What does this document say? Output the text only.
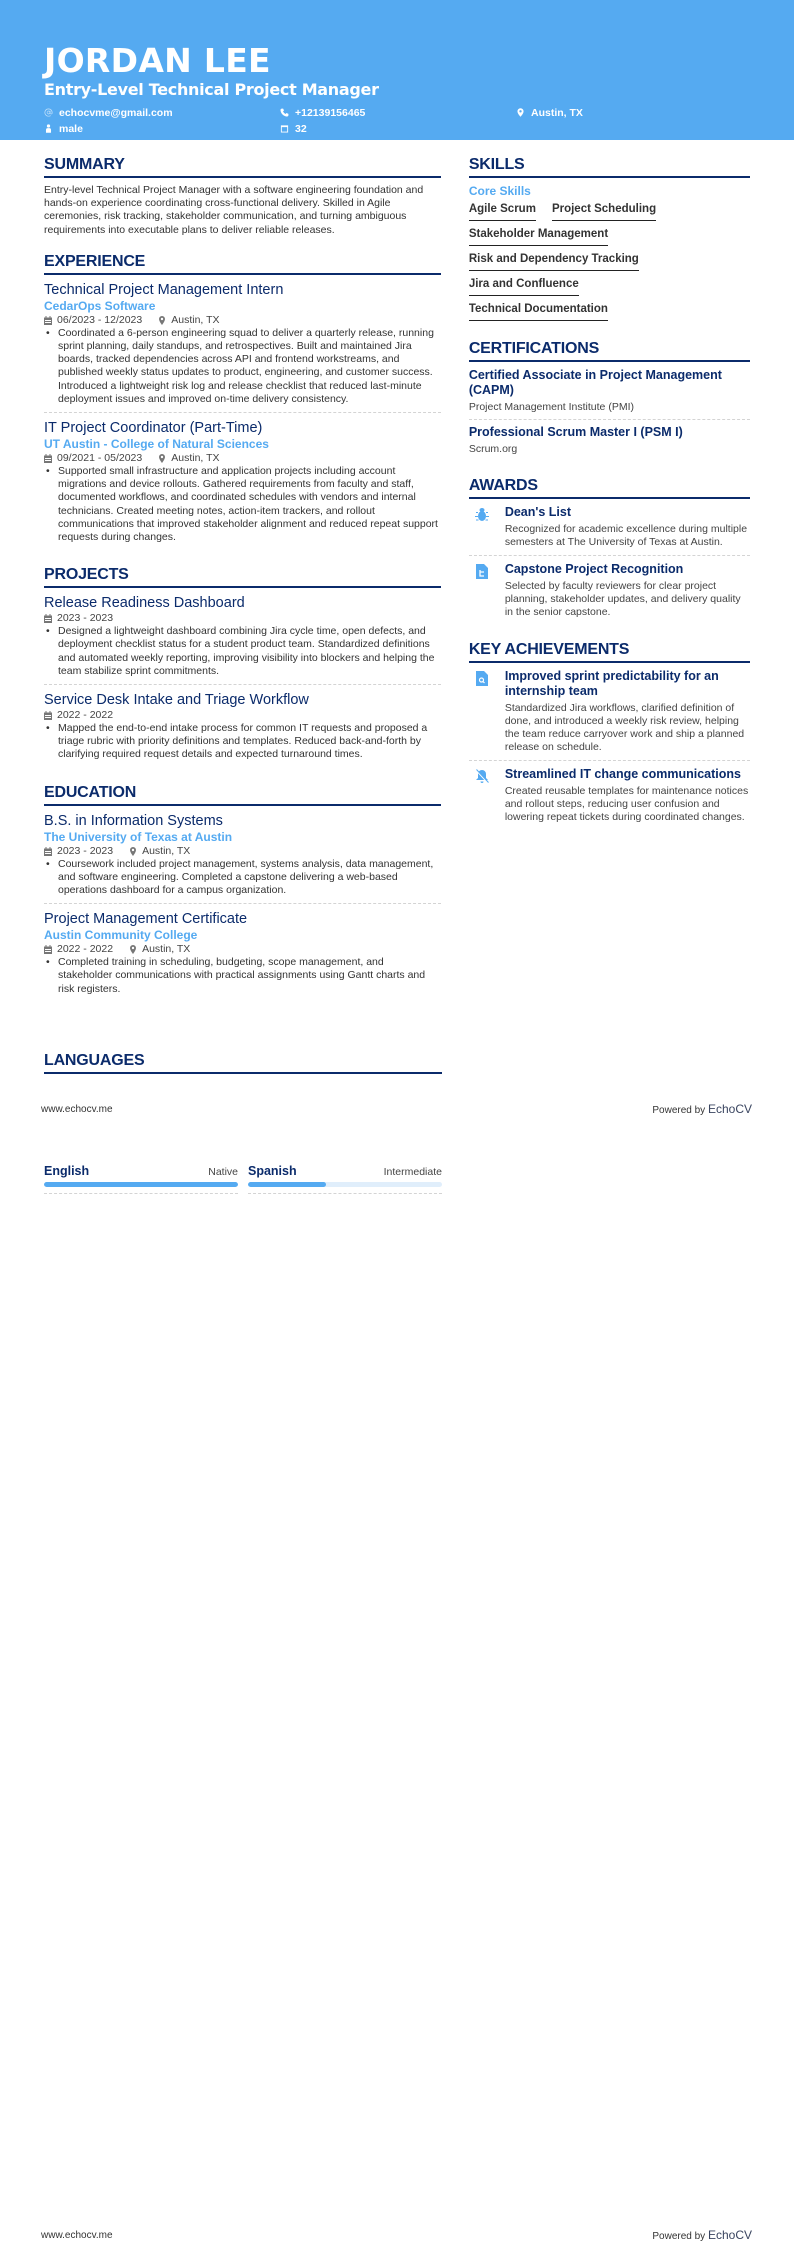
JORDAN LEE
Entry-Level Technical Project Manager
echocvme@gmail.com	+12139156465	Austin, TX
male	32
SUMMARY

Entry-level Technical Project Manager with a software engineering foundation and hands-on experience coordinating cross-functional delivery. Skilled in Agile ceremonies, risk tracking, stakeholder communication, and turning ambiguous requirements into executable plans to deliver reliable releases.

EXPERIENCE
Technical Project Management Intern
CedarOps Software
06/2023 - 12/2023	Austin, TX
• Coordinated a 6-person engineering squad to deliver a quarterly release, running sprint planning, daily standups, and retrospectives. Built and maintained Jira boards, tracked dependencies across API and frontend workstreams, and published weekly status updates to product, engineering, and customer success. Introduced a lightweight risk log and release checklist that reduced last-minute deployment issues and improved on-time delivery consistency.
IT Project Coordinator (Part-Time)
UT Austin - College of Natural Sciences
09/2021 - 05/2023	Austin, TX
• Supported small infrastructure and application projects including account migrations and device rollouts. Gathered requirements from faculty and staff, documented workflows, and coordinated schedules with vendors and internal technicians. Created meeting notes, action-item trackers, and rollout communications that improved stakeholder alignment and reduced repeat support requests during changes.
PROJECTS
Release Readiness Dashboard
2023 - 2023
• Designed a lightweight dashboard combining Jira cycle time, open defects, and deployment checklist status for a student product team. Standardized definitions and automated weekly reporting, improving visibility into blockers and helping the team stabilize sprint commitments.
Service Desk Intake and Triage Workflow
2022 - 2022
• Mapped the end-to-end intake process for common IT requests and proposed a triage rubric with priority definitions and templates. Reduced back-and-forth by clarifying required request details and expected turnaround times.
EDUCATION
B.S. in Information Systems
The University of Texas at Austin
2023 - 2023	Austin, TX
• Coursework included project management, systems analysis, data management, and software engineering. Completed a capstone delivering a web-based operations dashboard for a campus organization.
Project Management Certificate
Austin Community College
2022 - 2022	Austin, TX
• Completed training in scheduling, budgeting, scope management, and stakeholder communications with practical assignments using Gantt charts and risk registers.
SKILLS
Core Skills
Agile Scrum Project Scheduling
Stakeholder Management
Risk and Dependency Tracking
Jira and Confluence
Technical Documentation
CERTIFICATIONS
Certified Associate in Project Management (CAPM)
Project Management Institute (PMI)
Professional Scrum Master I (PSM I)
Scrum.org
AWARDS
Dean's List
Recognized for academic excellence during multiple semesters at The University of Texas at Austin.
Capstone Project Recognition
Selected by faculty reviewers for clear project planning, stakeholder updates, and delivery quality in the senior capstone.
KEY ACHIEVEMENTS
Improved sprint predictability for an internship team
Standardized Jira workflows, clarified definition of done, and introduced a weekly risk review, helping the team reduce carryover work and ship a planned release on schedule.
Streamlined IT change communications
Created reusable templates for maintenance notices and rollout steps, reducing user confusion and lowering repeat tickets during coordinated changes.
LANGUAGES
www.echocv.me	Powered by EchoCV
English	Native Spanish	Intermediate
www.echocv.me	Powered by EchoCV
